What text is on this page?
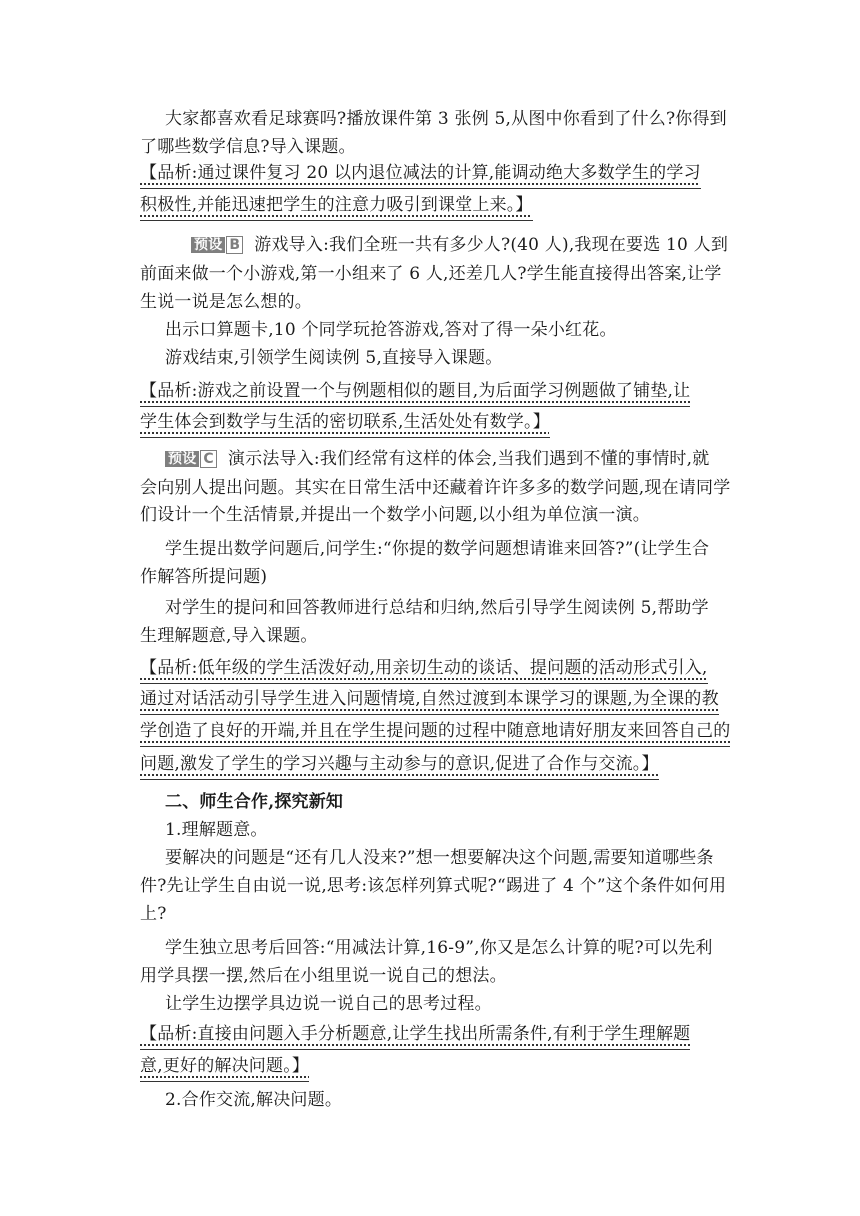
大家都喜欢看足球赛吗?播放课件第 3 张例 5,从图中你看到了什么?你得到
了哪些数学信息?导入课题。
【品析:通过课件复习 20 以内退位减法的计算,能调动绝大多数学生的学习
积极性,并能迅速把学生的注意力吸引到课堂上来。】
预设 B 游戏导入:我们全班一共有多少人?(40 人),我现在要选 10 人到
前面来做一个小游戏,第一小组来了 6 人,还差几人?学生能直接得出答案,让学
生说一说是怎么想的。
出示口算题卡,10 个同学玩抢答游戏,答对了得一朵小红花。
游戏结束,引领学生阅读例 5,直接导入课题。
【品析:游戏之前设置一个与例题相似的题目,为后面学习例题做了铺垫,让
学生体会到数学与生活的密切联系,生活处处有数学。】
预设 C 演示法导入:我们经常有这样的体会,当我们遇到不懂的事情时,就
会向别人提出问题。其实在日常生活中还藏着许许多多的数学问题,现在请同学
们设计一个生活情景,并提出一个数学小问题,以小组为单位演一演。
学生提出数学问题后,问学生:“你提的数学问题想请谁来回答?”(让学生合
作解答所提问题)
对学生的提问和回答教师进行总结和归纳,然后引导学生阅读例 5,帮助学
生理解题意,导入课题。
【品析:低年级的学生活泼好动,用亲切生动的谈话、提问题的活动形式引入,
通过对话活动引导学生进入问题情境,自然过渡到本课学习的课题,为全课的教
学创造了良好的开端,并且在学生提问题的过程中随意地请好朋友来回答自己的
问题,激发了学生的学习兴趣与主动参与的意识,促进了合作与交流。】
二、师生合作,探究新知
1.理解题意。
要解决的问题是“还有几人没来?”想一想要解决这个问题,需要知道哪些条
件?先让学生自由说一说,思考:该怎样列算式呢?“踢进了 4 个”这个条件如何用
上?
学生独立思考后回答:“用减法计算,16-9”,你又是怎么计算的呢?可以先利
用学具摆一摆,然后在小组里说一说自己的想法。
让学生边摆学具边说一说自己的思考过程。
【品析:直接由问题入手分析题意,让学生找出所需条件,有利于学生理解题
意,更好的解决问题。】
2.合作交流,解决问题。
